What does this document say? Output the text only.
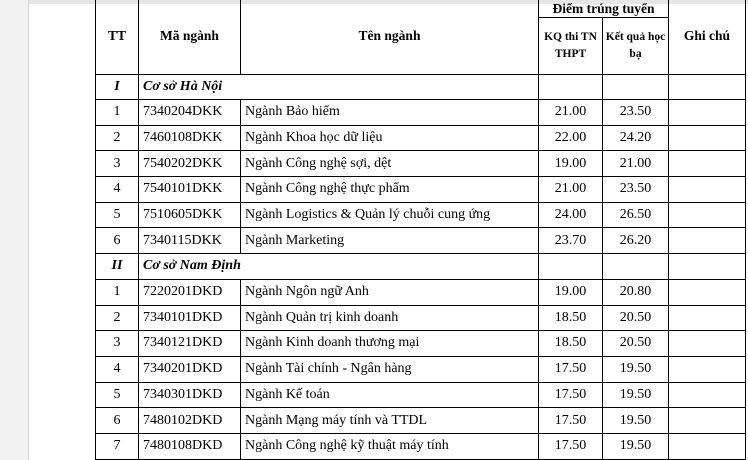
TT	Mã ngành	Tên ngành	Điểm trúng tuyển		Ghi chú
			KQ thi TN THPT	Kết quả học bạ	
I	Cơ sở Hà Nội				
1	7340204DKK	Ngành Bảo hiểm	21.00	23.50	
2	7460108DKK	Ngành Khoa học dữ liệu	22.00	24.20	
3	7540202DKK	Ngành Công nghệ sợi, dệt	19.00	21.00	
4	7540101DKK	Ngành Công nghệ thực phẩm	21.00	23.50	
5	7510605DKK	Ngành Logistics & Quản lý chuỗi cung ứng	24.00	26.50	
6	7340115DKK	Ngành Marketing	23.70	26.20	
II	Cơ sở Nam Định				
1	7220201DKD	Ngành Ngôn ngữ Anh	19.00	20.80	
2	7340101DKD	Ngành Quản trị kinh doanh	18.50	20.50	
3	7340121DKD	Ngành Kinh doanh thương mại	18.50	20.50	
4	7340201DKD	Ngành Tài chính - Ngân hàng	17.50	19.50	
5	7340301DKD	Ngành Kế toán	17.50	19.50	
6	7480102DKD	Ngành Mạng máy tính và TTDL	17.50	19.50	
7	7480108DKD	Ngành Công nghệ kỹ thuật máy tính	17.50	19.50	
